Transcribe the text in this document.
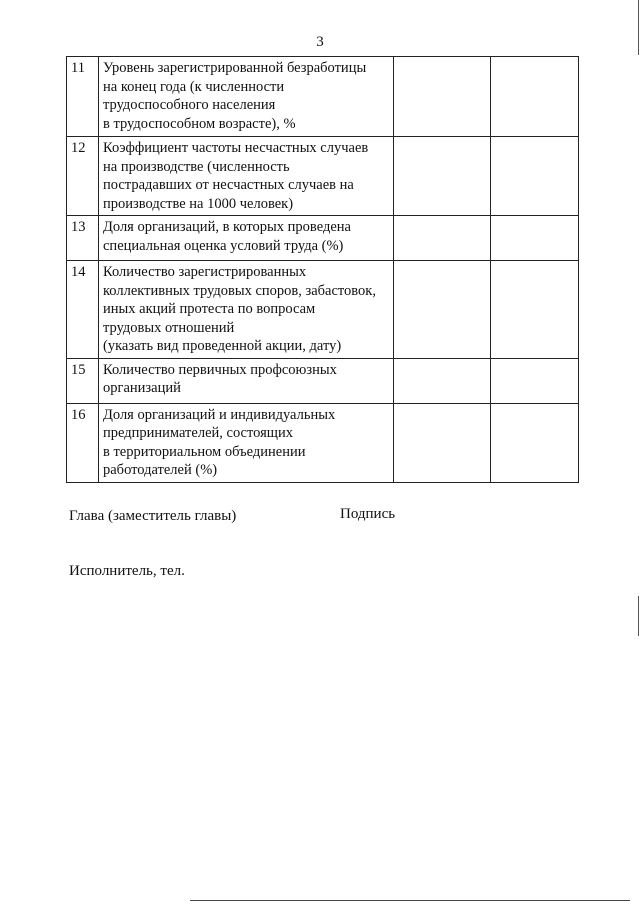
3
11	Уровень зарегистрированной безработицы
на конец года (к численности
трудоспособного населения
в трудоспособном возрасте), %		

12	Коэффициент частоты несчастных случаев
на производстве (численность
пострадавших от несчастных случаев на
производстве на 1000 человек)		

13	Доля организаций, в которых проведена
специальная оценка условий труда (%)		

14	Количество зарегистрированных
коллективных трудовых споров, забастовок,
иных акций протеста по вопросам
трудовых отношений
(указать вид проведенной акции, дату)		

15	Количество первичных профсоюзных
организаций		

16	Доля организаций и индивидуальных
предпринимателей, состоящих
в территориальном объединении
работодателей (%)		

Глава (заместитель главы)	Подпись
Исполнитель, тел.
